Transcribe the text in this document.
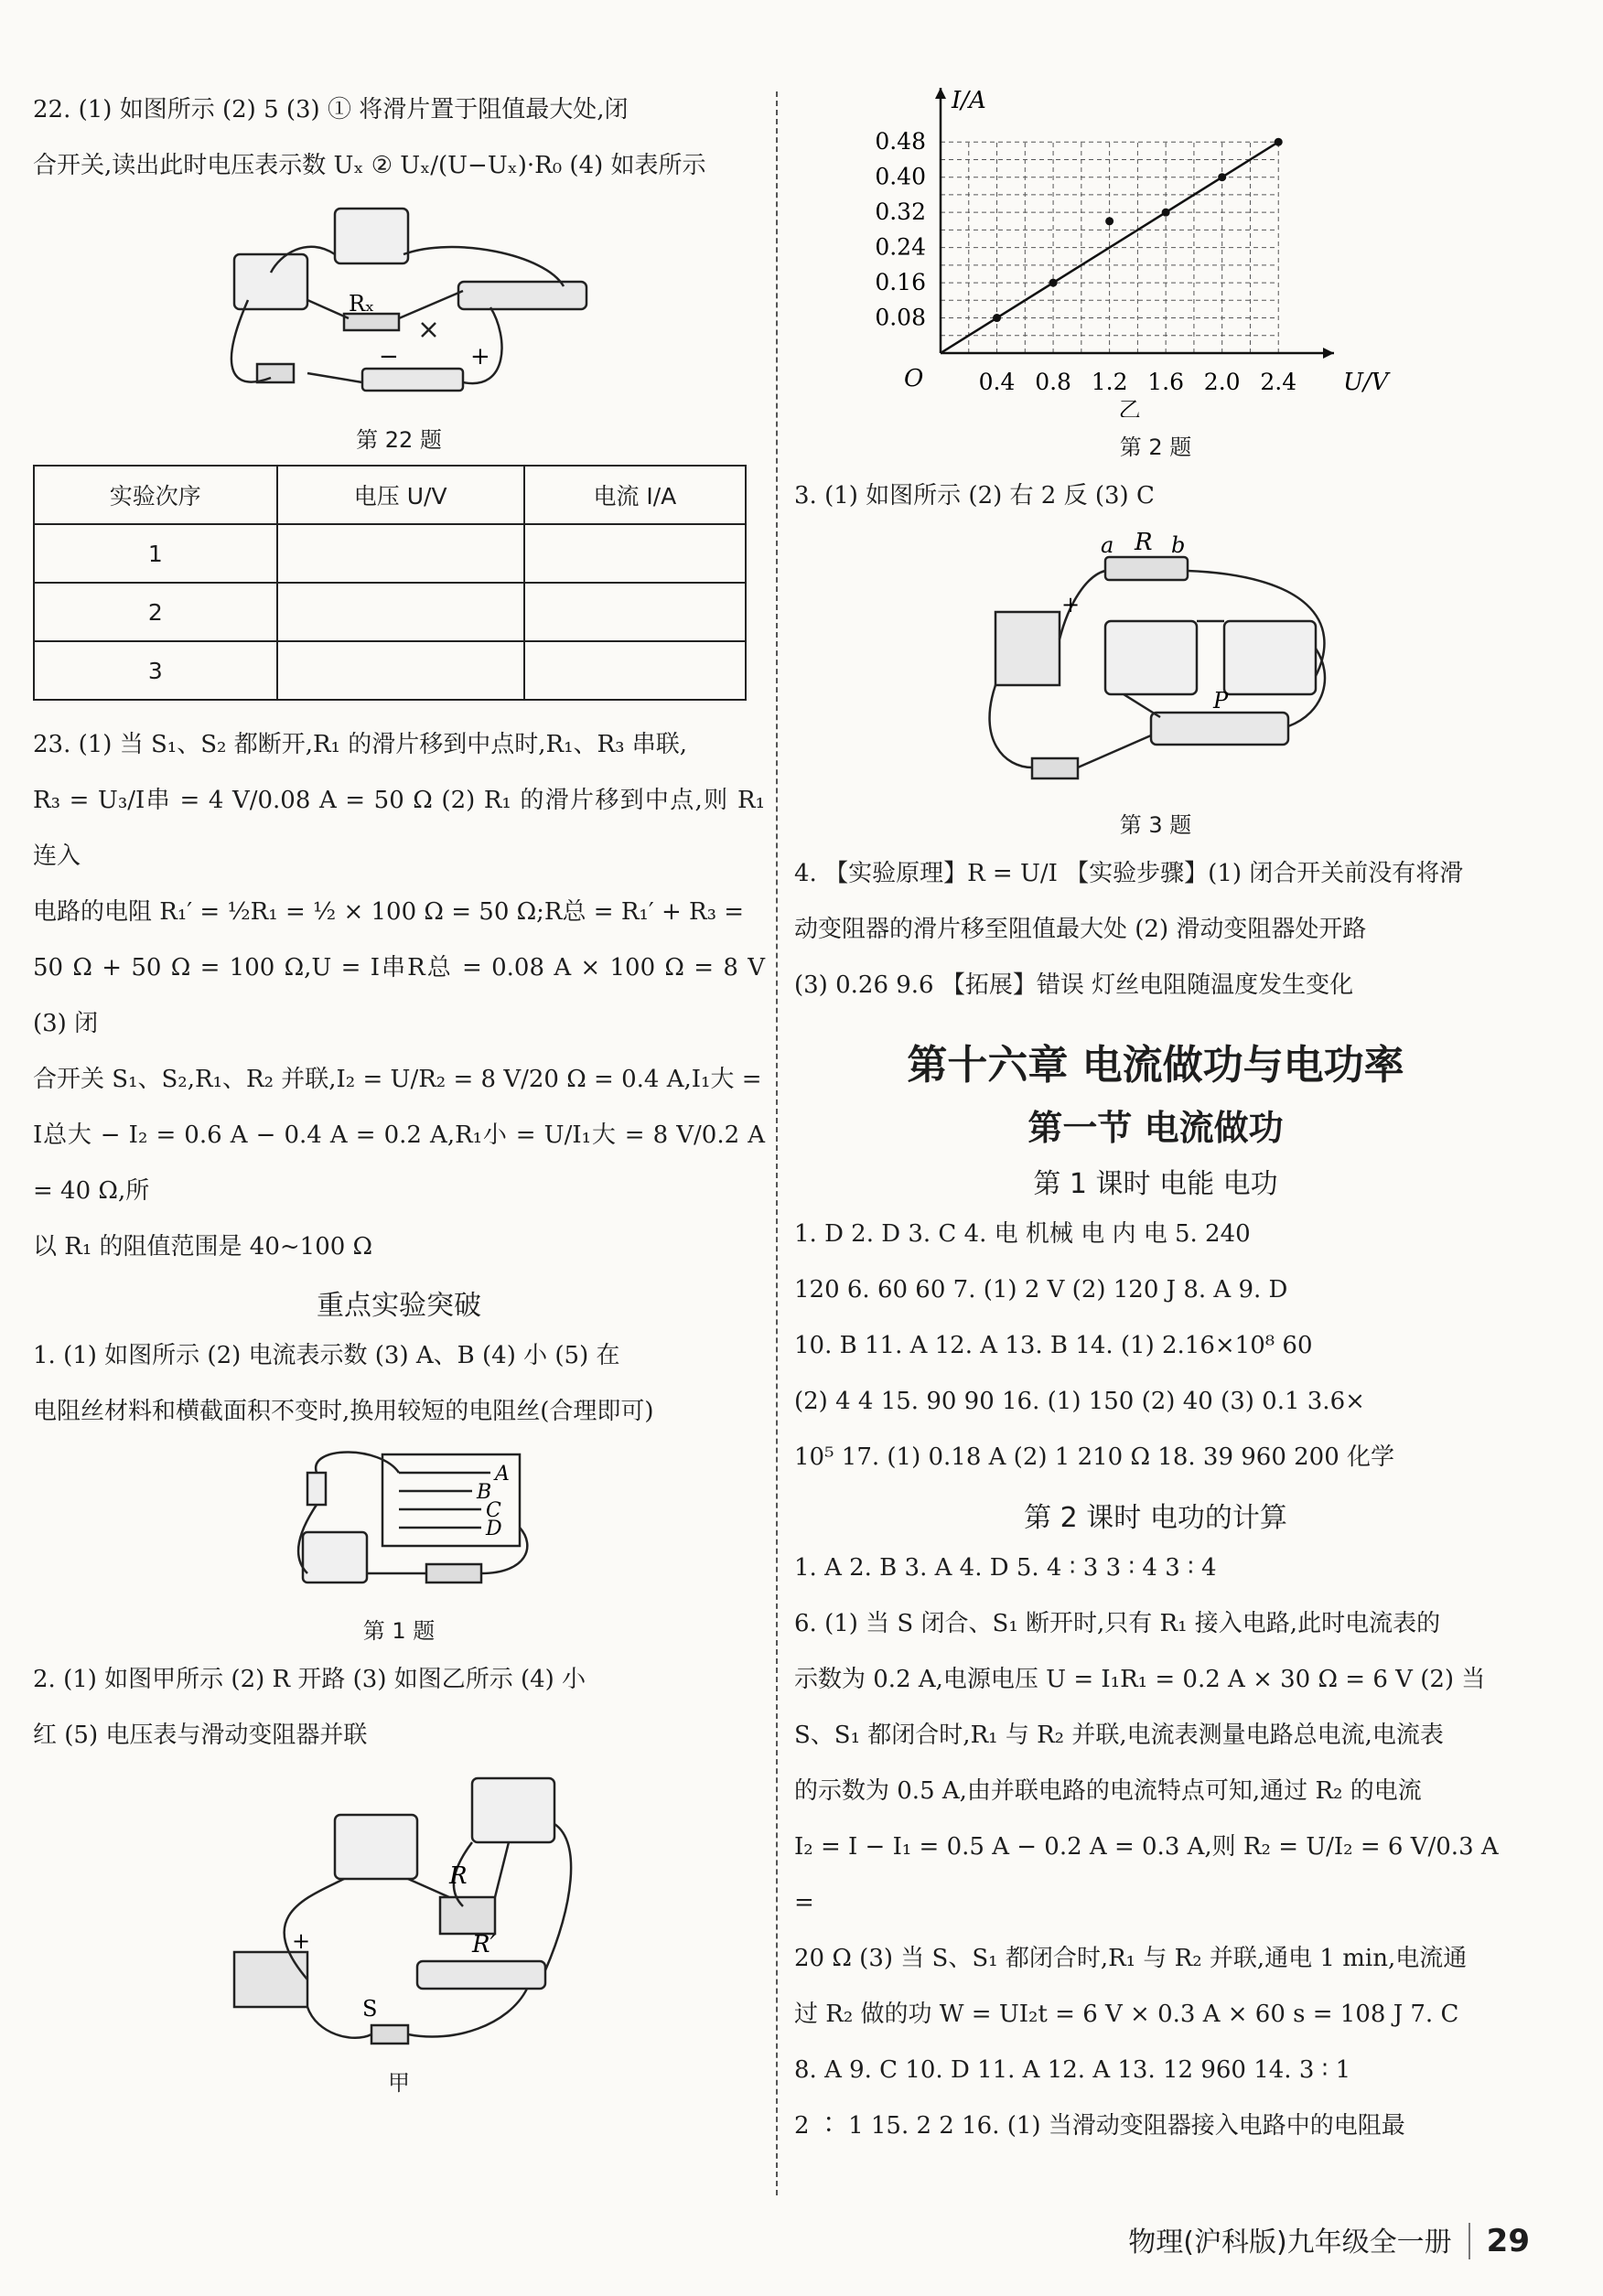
22. (1) 如图所示 (2) 5 (3) ① 将滑片置于阻值最大处,闭

合开关,读出此时电压表示数 Uₓ ② Uₓ/(U−Uₓ)·R₀ (4) 如表所示

Rₓ
−	+

第 22 题

实验次序	电压 U/V	电流 I/A
1		
2		
3		

23. (1) 当 S₁、S₂ 都断开,R₁ 的滑片移到中点时,R₁、R₃ 串联,

R₃ = U₃/I串 = 4 V/0.08 A = 50 Ω (2) R₁ 的滑片移到中点,则 R₁ 连入

电路的电阻 R₁′ = ½R₁ = ½ × 100 Ω = 50 Ω;R总 = R₁′ + R₃ =

50 Ω + 50 Ω = 100 Ω,U = I串R总 = 0.08 A × 100 Ω = 8 V (3) 闭

合开关 S₁、S₂,R₁、R₂ 并联,I₂ = U/R₂ = 8 V/20 Ω = 0.4 A,I₁大 =

I总大 − I₂ = 0.6 A − 0.4 A = 0.2 A,R₁小 = U/I₁大 = 8 V/0.2 A = 40 Ω,所

以 R₁ 的阻值范围是 40~100 Ω

重点实验突破

1. (1) 如图所示 (2) 电流表示数 (3) A、B (4) 小 (5) 在

电阻丝材料和横截面积不变时,换用较短的电阻丝(合理即可)

A
B
C
D

第 1 题

2. (1) 如图甲所示 (2) R 开路 (3) 如图乙所示 (4) 小

红 (5) 电压表与滑动变阻器并联

R
R′
S
+

甲

0.4 0.8 1.2 1.6 2.0 2.4
0.08
0.16
0.24
0.32
0.40
0.48
I/A
U/V
O
乙

第 2 题

3. (1) 如图所示 (2) 右 2 反 (3) C

a R b
P
+

第 3 题

4. 【实验原理】R = U/I 【实验步骤】(1) 闭合开关前没有将滑

动变阻器的滑片移至阻值最大处 (2) 滑动变阻器处开路

(3) 0.26 9.6 【拓展】错误 灯丝电阻随温度发生变化

第十六章 电流做功与电功率

第一节 电流做功

第 1 课时 电能 电功

1. D 2. D 3. C 4. 电 机械 电 内 电 5. 240

120 6. 60 60 7. (1) 2 V (2) 120 J 8. A 9. D

10. B 11. A 12. A 13. B 14. (1) 2.16×10⁸ 60

(2) 4 4 15. 90 90 16. (1) 150 (2) 40 (3) 0.1 3.6×

10⁵ 17. (1) 0.18 A (2) 1 210 Ω 18. 39 960 200 化学

第 2 课时 电功的计算

1. A 2. B 3. A 4. D 5. 4 ∶ 3 3 ∶ 4 3 ∶ 4

6. (1) 当 S 闭合、S₁ 断开时,只有 R₁ 接入电路,此时电流表的

示数为 0.2 A,电源电压 U = I₁R₁ = 0.2 A × 30 Ω = 6 V (2) 当

S、S₁ 都闭合时,R₁ 与 R₂ 并联,电流表测量电路总电流,电流表

的示数为 0.5 A,由并联电路的电流特点可知,通过 R₂ 的电流

I₂ = I − I₁ = 0.5 A − 0.2 A = 0.3 A,则 R₂ = U/I₂ = 6 V/0.3 A =

20 Ω (3) 当 S、S₁ 都闭合时,R₁ 与 R₂ 并联,通电 1 min,电流通

过 R₂ 做的功 W = UI₂t = 6 V × 0.3 A × 60 s = 108 J 7. C

8. A 9. C 10. D 11. A 12. A 13. 12 960 14. 3 ∶ 1

2 ∶ 1 15. 2 2 16. (1) 当滑动变阻器接入电路中的电阻最

物理(沪科版)九年级全一册 29
